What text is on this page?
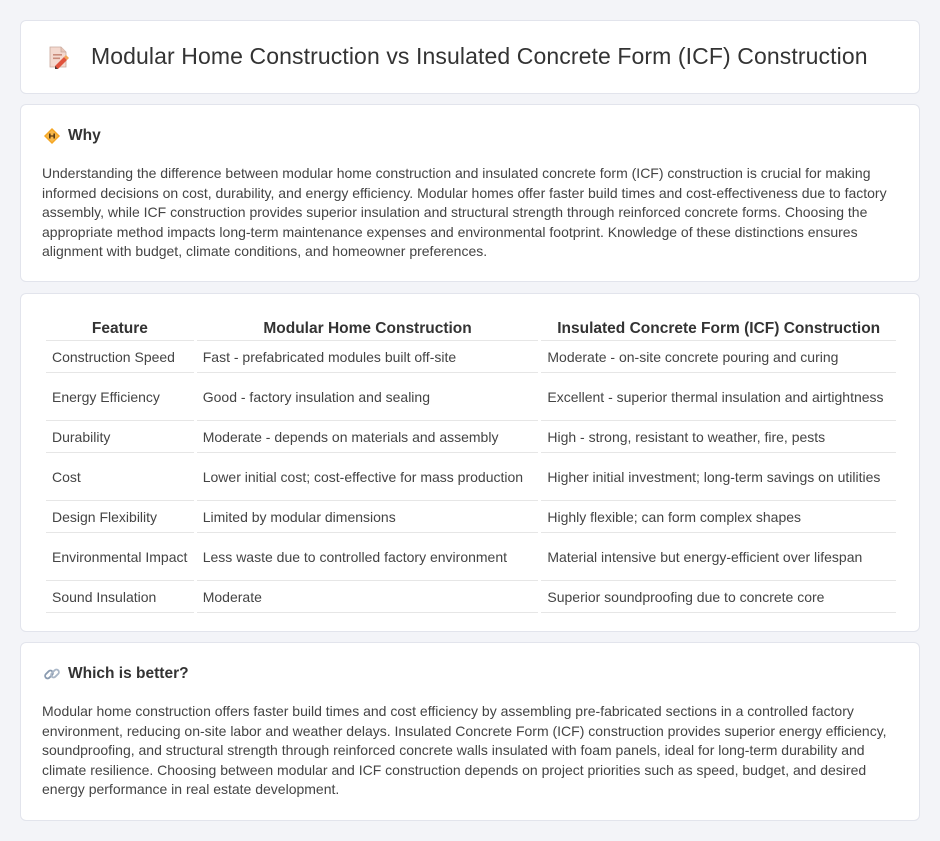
Modular Home Construction vs Insulated Concrete Form (ICF) Construction
Why

Understanding the difference between modular home construction and insulated concrete form (ICF) construction is crucial for making informed decisions on cost, durability, and energy efficiency. Modular homes offer faster build times and cost-effectiveness due to factory assembly, while ICF construction provides superior insulation and structural strength through reinforced concrete forms. Choosing the appropriate method impacts long-term maintenance expenses and environmental footprint. Knowledge of these distinctions ensures alignment with budget, climate conditions, and homeowner preferences.

Feature	Modular Home Construction	Insulated Concrete Form (ICF) Construction
Construction Speed	Fast - prefabricated modules built off-site	Moderate - on-site concrete pouring and curing
Energy Efficiency	Good - factory insulation and sealing	Excellent - superior thermal insulation and airtightness
Durability	Moderate - depends on materials and assembly	High - strong, resistant to weather, fire, pests
Cost	Lower initial cost; cost-effective for mass production	Higher initial investment; long-term savings on utilities
Design Flexibility	Limited by modular dimensions	Highly flexible; can form complex shapes
Environmental Impact	Less waste due to controlled factory environment	Material intensive but energy-efficient over lifespan
Sound Insulation	Moderate	Superior soundproofing due to concrete core
Which is better?

Modular home construction offers faster build times and cost efficiency by assembling pre-fabricated sections in a controlled factory environment, reducing on-site labor and weather delays. Insulated Concrete Form (ICF) construction provides superior energy efficiency, soundproofing, and structural strength through reinforced concrete walls insulated with foam panels, ideal for long-term durability and climate resilience. Choosing between modular and ICF construction depends on project priorities such as speed, budget, and desired energy performance in real estate development.
